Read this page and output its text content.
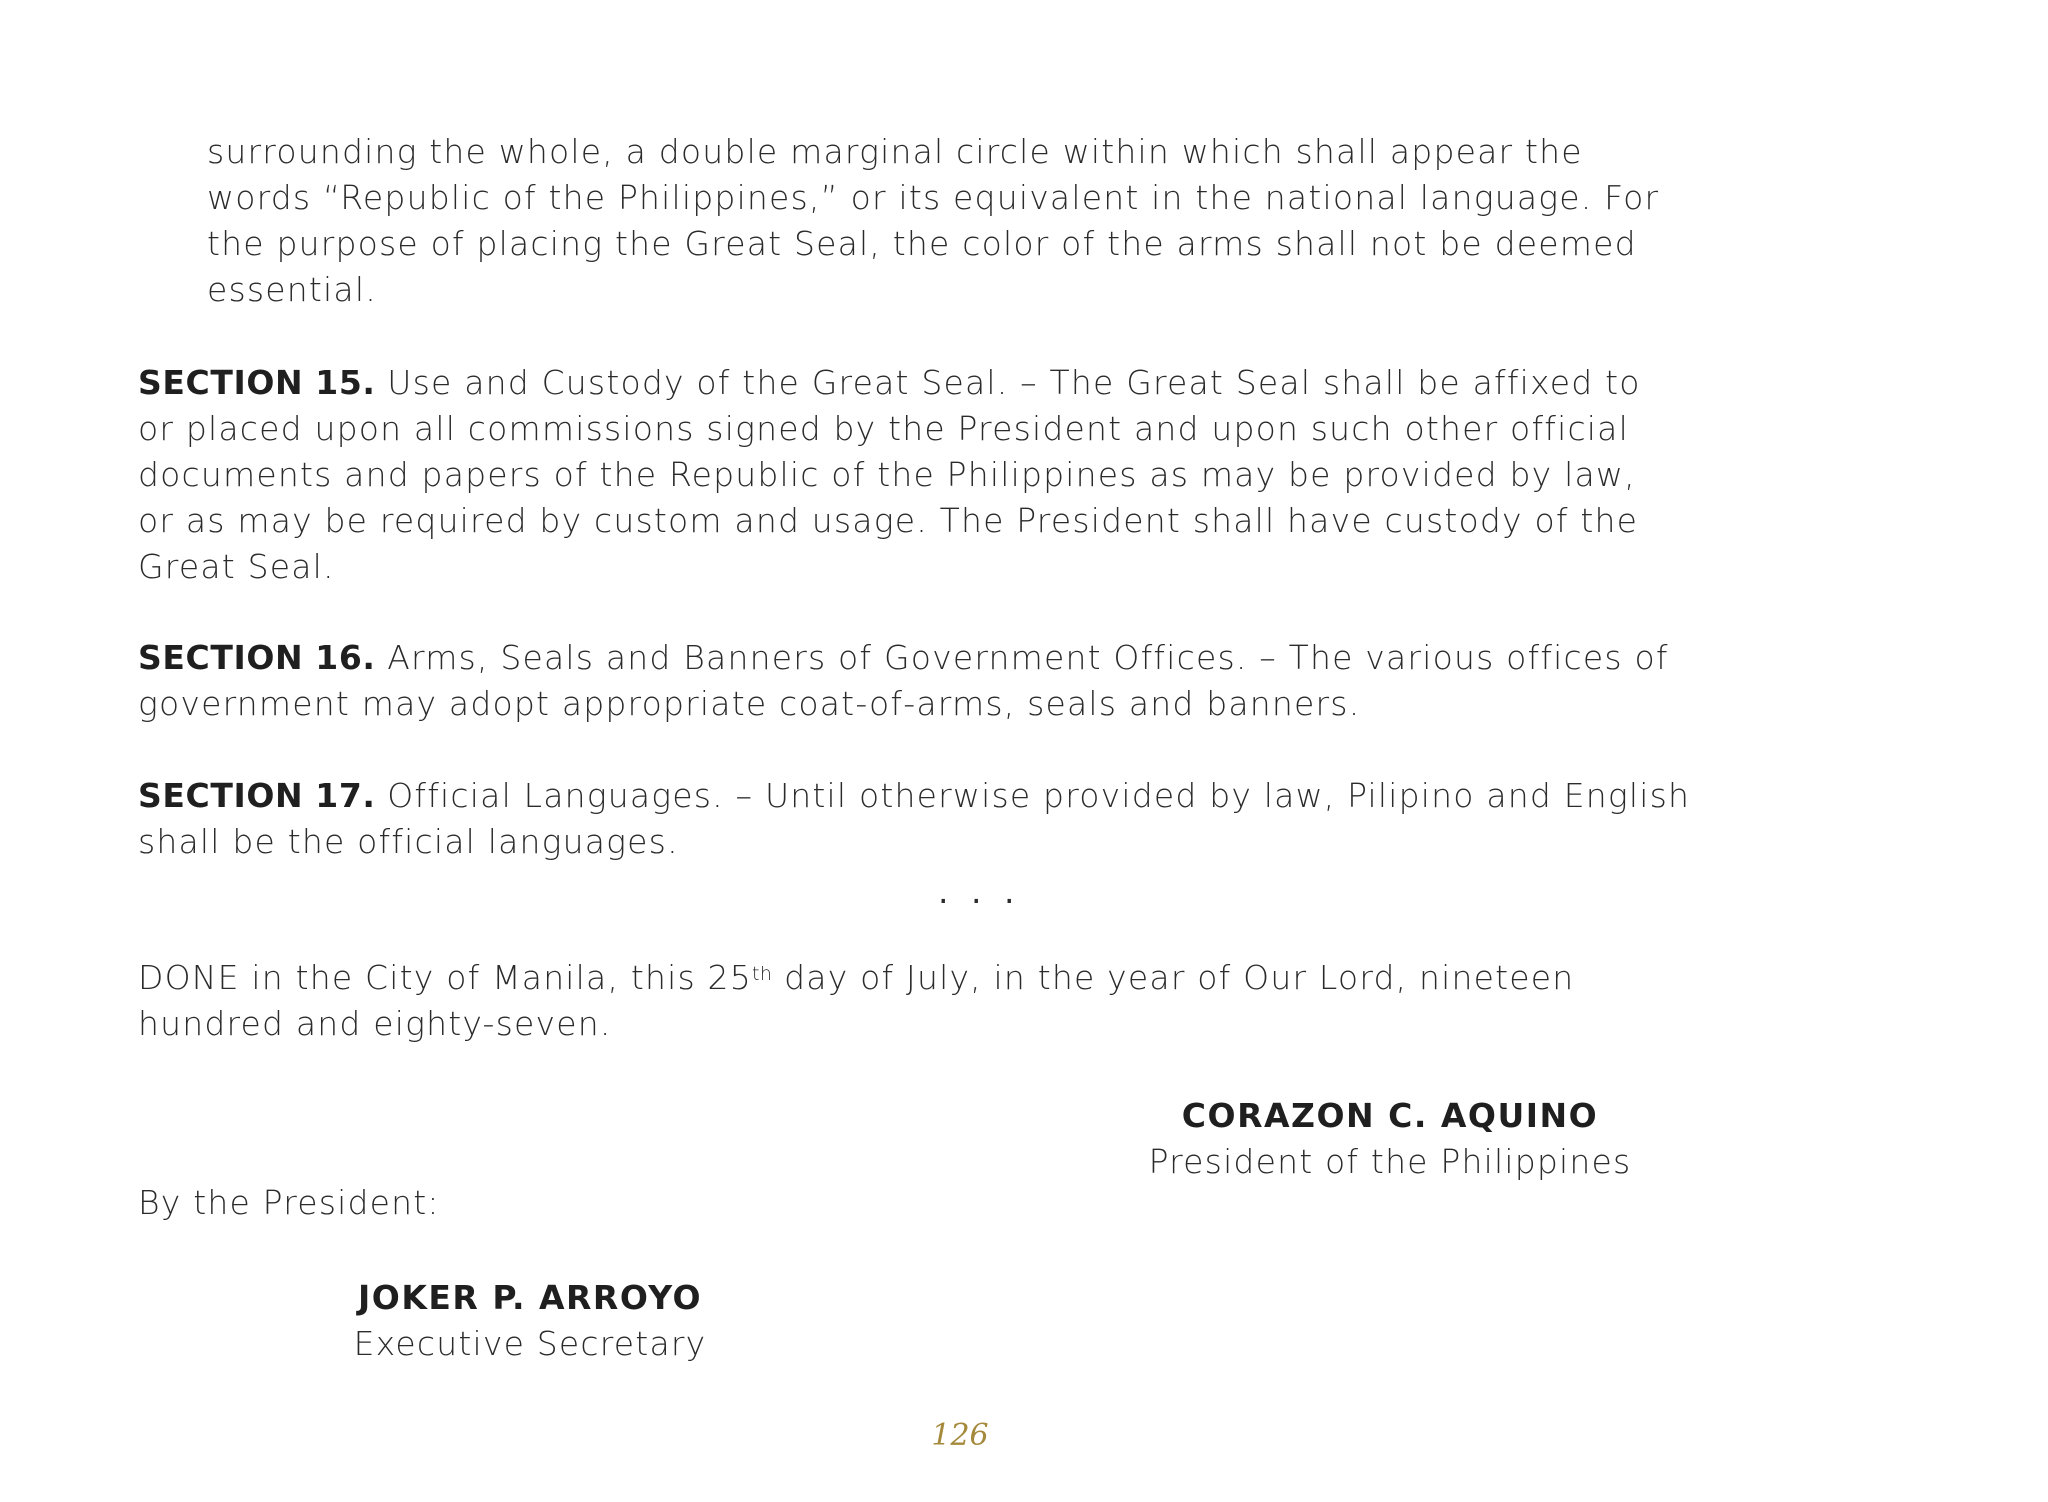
surrounding the whole, a double marginal circle within which shall appear the
words “Republic of the Philippines,” or its equivalent in the national language. For
the purpose of placing the Great Seal, the color of the arms shall not be deemed
essential.
SECTION 15. Use and Custody of the Great Seal. – The Great Seal shall be affixed to
or placed upon all commissions signed by the President and upon such other official
documents and papers of the Republic of the Philippines as may be provided by law,
or as may be required by custom and usage. The President shall have custody of the
Great Seal.
SECTION 16. Arms, Seals and Banners of Government Offices. – The various offices of
government may adopt appropriate coat-of-arms, seals and banners.
SECTION 17. Official Languages. – Until otherwise provided by law, Pilipino and English
shall be the official languages.
. . .
DONE in the City of Manila, this 25th day of July, in the year of Our Lord, nineteen
hundred and eighty-seven.
CORAZON C. AQUINO
President of the Philippines
By the President:
JOKER P. ARROYO
Executive Secretary
126
